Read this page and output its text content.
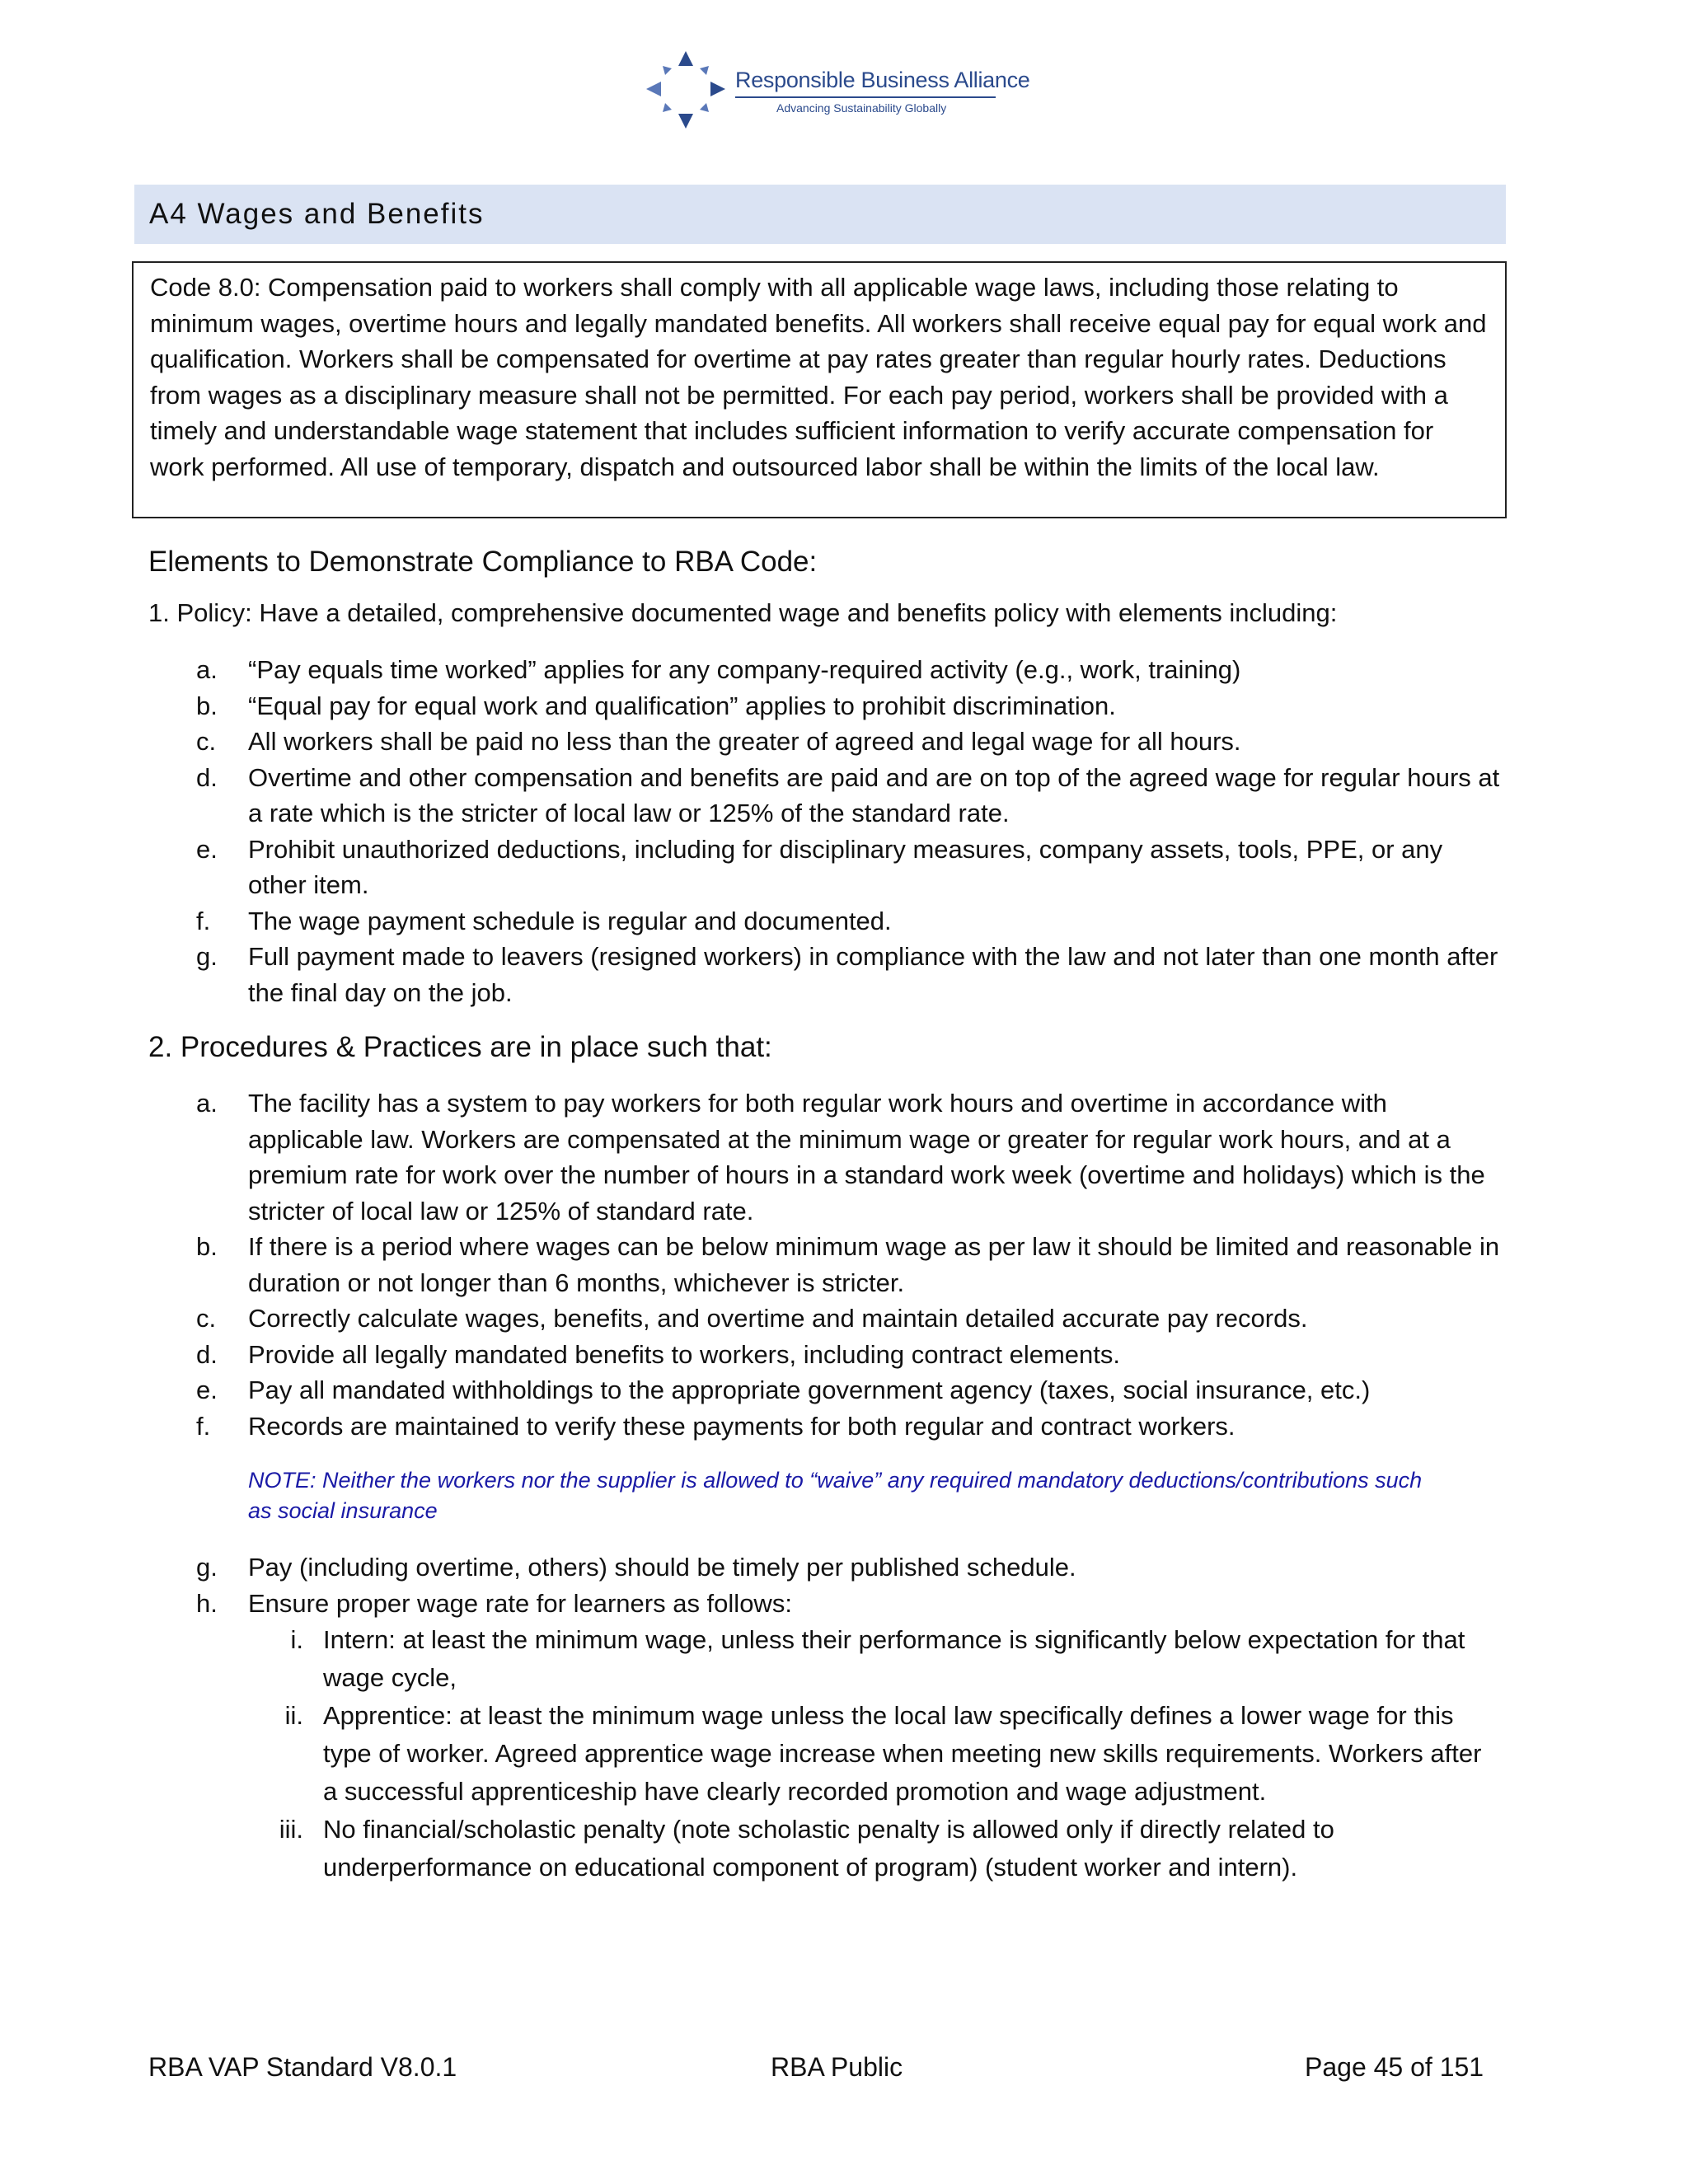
Responsible Business Alliance
Advancing Sustainability Globally
A4 Wages and Benefits
Code 8.0: Compensation paid to workers shall comply with all applicable wage laws, including those relating to minimum wages, overtime hours and legally mandated benefits. All workers shall receive equal pay for equal work and qualification. Workers shall be compensated for overtime at pay rates greater than regular hourly rates. Deductions from wages as a disciplinary measure shall not be permitted. For each pay period, workers shall be provided with a timely and understandable wage statement that includes sufficient information to verify accurate compensation for work performed. All use of temporary, dispatch and outsourced labor shall be within the limits of the local law.
Elements to Demonstrate Compliance to RBA Code:
1. Policy: Have a detailed, comprehensive documented wage and benefits policy with elements including:
a. “Pay equals time worked” applies for any company-required activity (e.g., work, training)
b. “Equal pay for equal work and qualification” applies to prohibit discrimination.
c. All workers shall be paid no less than the greater of agreed and legal wage for all hours.
d. Overtime and other compensation and benefits are paid and are on top of the agreed wage for regular hours at a rate which is the stricter of local law or 125% of the standard rate.
e. Prohibit unauthorized deductions, including for disciplinary measures, company assets, tools, PPE, or any other item.
f. The wage payment schedule is regular and documented.
g. Full payment made to leavers (resigned workers) in compliance with the law and not later than one month after the final day on the job.
2. Procedures & Practices are in place such that:
a. The facility has a system to pay workers for both regular work hours and overtime in accordance with applicable law. Workers are compensated at the minimum wage or greater for regular work hours, and at a premium rate for work over the number of hours in a standard work week (overtime and holidays) which is the stricter of local law or 125% of standard rate.
b. If there is a period where wages can be below minimum wage as per law it should be limited and reasonable in duration or not longer than 6 months, whichever is stricter.
c. Correctly calculate wages, benefits, and overtime and maintain detailed accurate pay records.
d. Provide all legally mandated benefits to workers, including contract elements.
e. Pay all mandated withholdings to the appropriate government agency (taxes, social insurance, etc.)
f. Records are maintained to verify these payments for both regular and contract workers.
NOTE: Neither the workers nor the supplier is allowed to “waive” any required mandatory deductions/contributions such as social insurance
g. Pay (including overtime, others) should be timely per published schedule.
h. Ensure proper wage rate for learners as follows:
i. Intern: at least the minimum wage, unless their performance is significantly below expectation for that wage cycle,
ii. Apprentice: at least the minimum wage unless the local law specifically defines a lower wage for this type of worker. Agreed apprentice wage increase when meeting new skills requirements. Workers after a successful apprenticeship have clearly recorded promotion and wage adjustment.
iii. No financial/scholastic penalty (note scholastic penalty is allowed only if directly related to underperformance on educational component of program) (student worker and intern).
RBA VAP Standard V8.0.1	RBA Public	Page 45 of 151
